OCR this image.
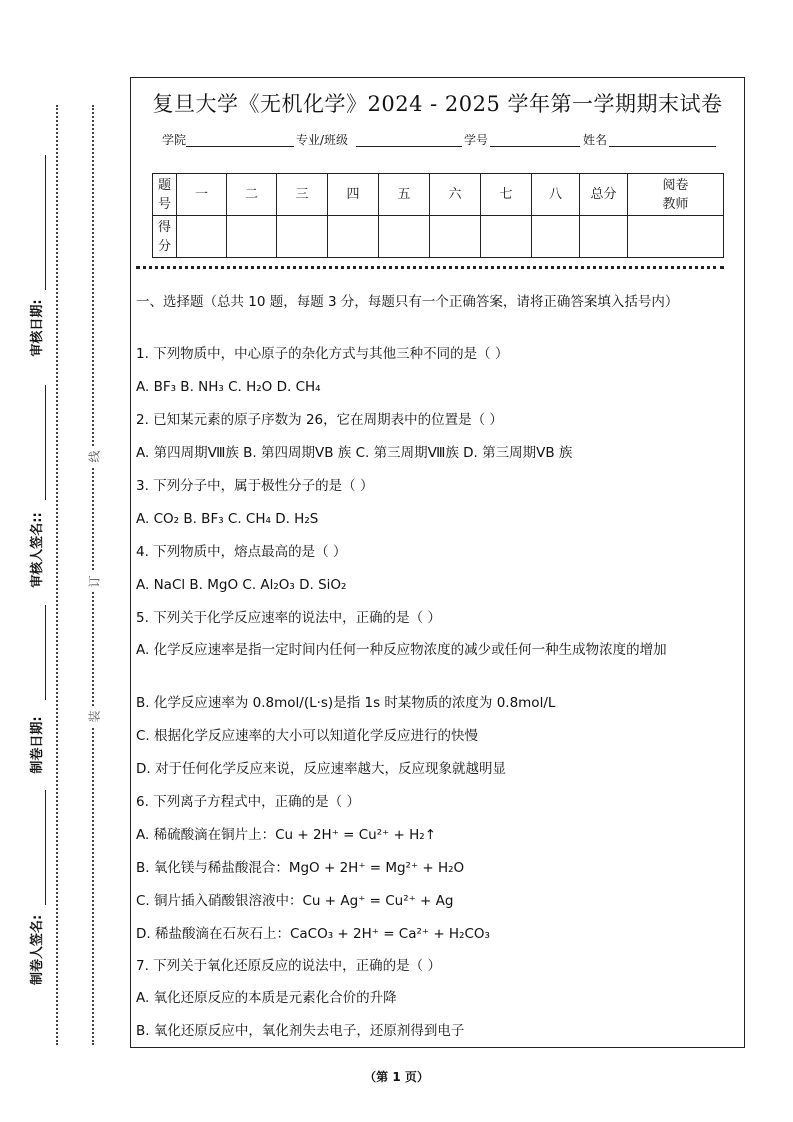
审核日期:
审核人签名::
制卷日期:
制卷人签名:
线
订
装
复旦大学《无机化学》2024 - 2025 学年第一学期期末试卷
学院	专业/班级	学号	姓名
题号	一	二	三	四	五	六	七	八	总分	阅卷教师
得分										
一、选择题（总共 10 题，每题 3 分，每题只有一个正确答案，请将正确答案填入括号内）
1. 下列物质中，中心原子的杂化方式与其他三种不同的是（ ）
A. BF₃ B. NH₃ C. H₂O D. CH₄
2. 已知某元素的原子序数为 26，它在周期表中的位置是（ ）
A. 第四周期Ⅷ族 B. 第四周期ⅤB 族 C. 第三周期Ⅷ族 D. 第三周期ⅤB 族
3. 下列分子中，属于极性分子的是（ ）
A. CO₂ B. BF₃ C. CH₄ D. H₂S
4. 下列物质中，熔点最高的是（ ）
A. NaCl B. MgO C. Al₂O₃ D. SiO₂
5. 下列关于化学反应速率的说法中，正确的是（ ）
A. 化学反应速率是指一定时间内任何一种反应物浓度的减少或任何一种生成物浓度的增加
B. 化学反应速率为 0.8mol/(L·s)是指 1s 时某物质的浓度为 0.8mol/L
C. 根据化学反应速率的大小可以知道化学反应进行的快慢
D. 对于任何化学反应来说，反应速率越大，反应现象就越明显
6. 下列离子方程式中，正确的是（ ）
A. 稀硫酸滴在铜片上：Cu + 2H⁺ = Cu²⁺ + H₂↑
B. 氧化镁与稀盐酸混合：MgO + 2H⁺ = Mg²⁺ + H₂O
C. 铜片插入硝酸银溶液中：Cu + Ag⁺ = Cu²⁺ + Ag
D. 稀盐酸滴在石灰石上：CaCO₃ + 2H⁺ = Ca²⁺ + H₂CO₃
7. 下列关于氧化还原反应的说法中，正确的是（ ）
A. 氧化还原反应的本质是元素化合价的升降
B. 氧化还原反应中，氧化剂失去电子，还原剂得到电子
（第 1 页）
